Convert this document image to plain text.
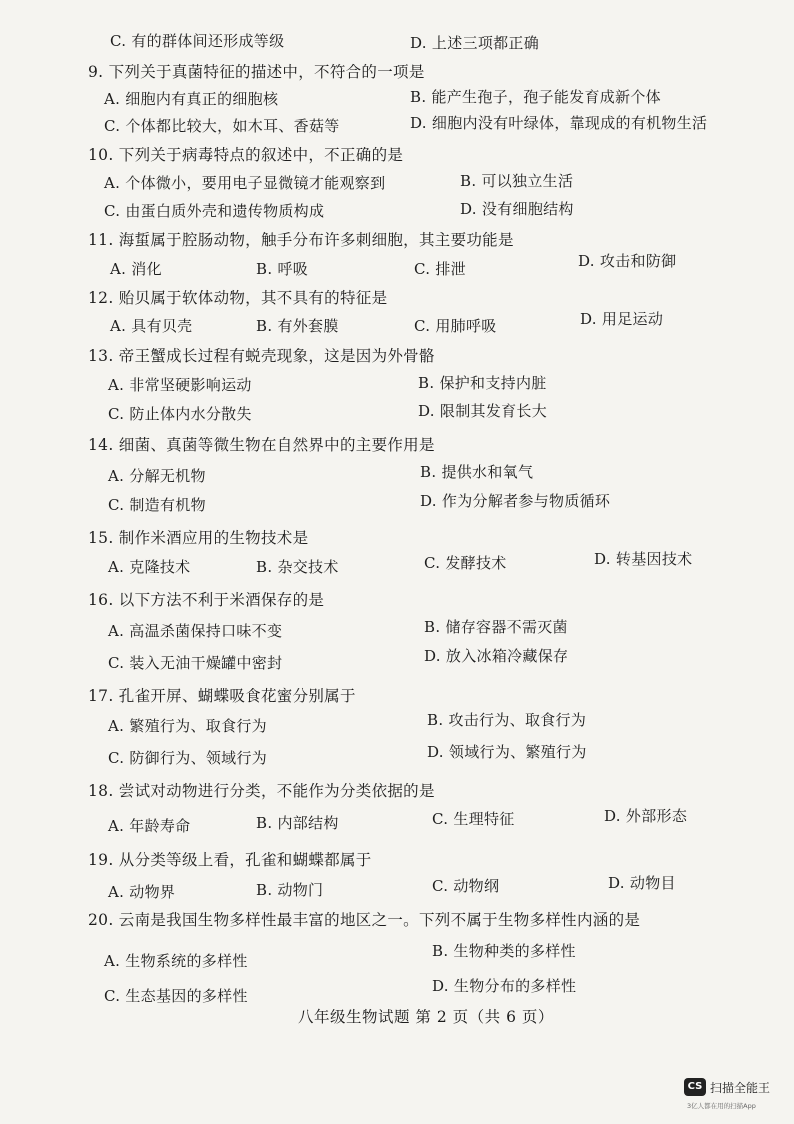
C. 有的群体间还形成等级	D. 上述三项都正确
9. 下列关于真菌特征的描述中，不符合的一项是
A. 细胞内有真正的细胞核	B. 能产生孢子，孢子能发育成新个体
C. 个体都比较大，如木耳、香菇等	D. 细胞内没有叶绿体，靠现成的有机物生活
10. 下列关于病毒特点的叙述中，不正确的是
A. 个体微小，要用电子显微镜才能观察到	B. 可以独立生活
C. 由蛋白质外壳和遗传物质构成	D. 没有细胞结构
11. 海蜇属于腔肠动物，触手分布许多刺细胞，其主要功能是
A. 消化	B. 呼吸	C. 排泄	D. 攻击和防御
12. 贻贝属于软体动物，其不具有的特征是
A. 具有贝壳	B. 有外套膜	C. 用肺呼吸	D. 用足运动
13. 帝王蟹成长过程有蜕壳现象，这是因为外骨骼
A. 非常坚硬影响运动	B. 保护和支持内脏
C. 防止体内水分散失	D. 限制其发育长大
14. 细菌、真菌等微生物在自然界中的主要作用是
A. 分解无机物	B. 提供水和氧气
C. 制造有机物	D. 作为分解者参与物质循环
15. 制作米酒应用的生物技术是
A. 克隆技术	B. 杂交技术	C. 发酵技术	D. 转基因技术
16. 以下方法不利于米酒保存的是
A. 高温杀菌保持口味不变	B. 储存容器不需灭菌
C. 装入无油干燥罐中密封	D. 放入冰箱冷藏保存
17. 孔雀开屏、蝴蝶吸食花蜜分别属于
A. 繁殖行为、取食行为	B. 攻击行为、取食行为
C. 防御行为、领域行为	D. 领域行为、繁殖行为
18. 尝试对动物进行分类，不能作为分类依据的是
A. 年龄寿命	B. 内部结构	C. 生理特征	D. 外部形态
19. 从分类等级上看，孔雀和蝴蝶都属于
A. 动物界	B. 动物门	C. 动物纲	D. 动物目
20. 云南是我国生物多样性最丰富的地区之一。下列不属于生物多样性内涵的是
A. 生物系统的多样性
B. 生物种类的多样性
C. 生态基因的多样性
D. 生物分布的多样性
八年级生物试题 第 2 页（共 6 页）
CS 扫描全能王
3亿人都在用的扫描App
